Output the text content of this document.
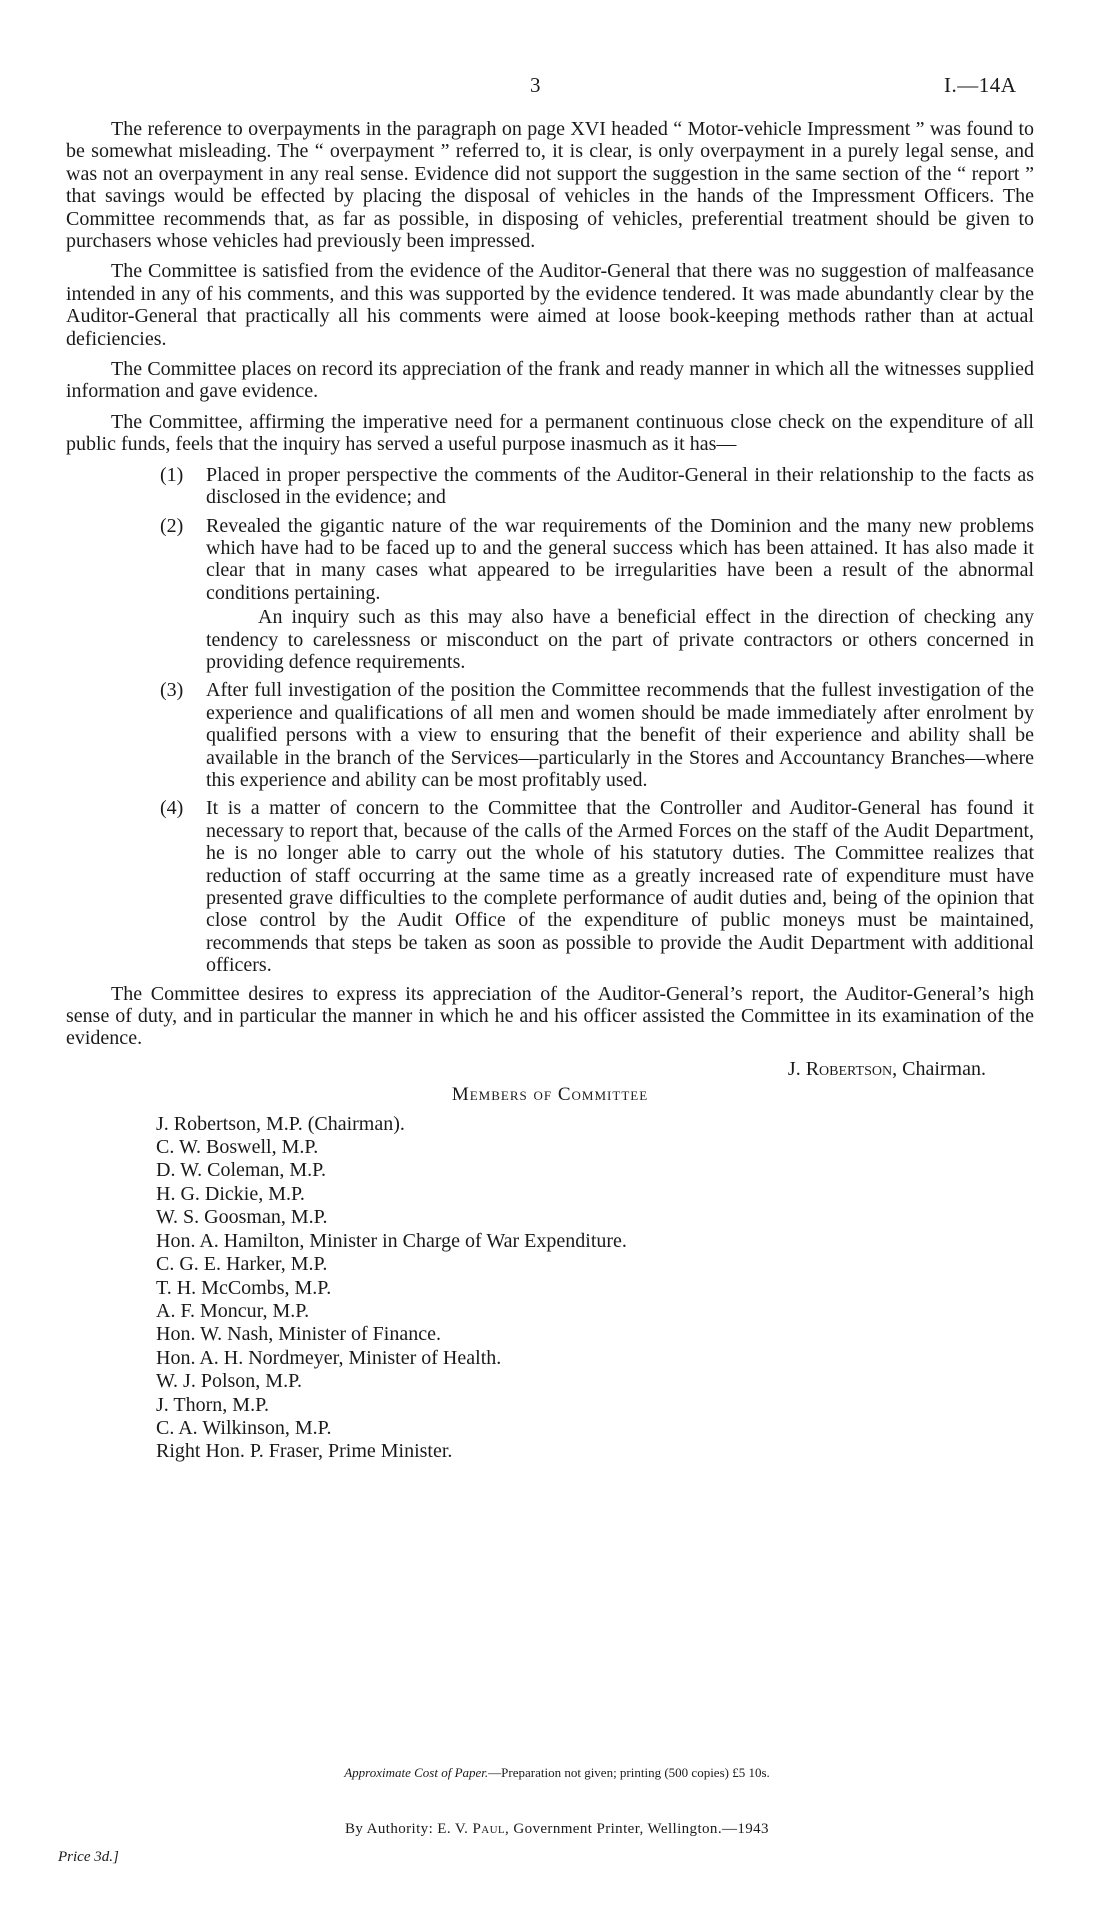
3	I.—14A

The reference to overpayments in the paragraph on page XVI headed “ Motor-vehicle Impressment ” was found to be somewhat misleading. The “ overpayment ” referred to, it is clear, is only overpayment in a purely legal sense, and was not an overpayment in any real sense. Evidence did not support the suggestion in the same section of the “ report ” that savings would be effected by placing the disposal of vehicles in the hands of the Impressment Officers. The Committee recommends that, as far as possible, in disposing of vehicles, preferential treatment should be given to purchasers whose vehicles had previously been impressed.

The Committee is satisfied from the evidence of the Auditor-General that there was no suggestion of malfeasance intended in any of his comments, and this was supported by the evidence tendered. It was made abundantly clear by the Auditor-General that practically all his comments were aimed at loose book-keeping methods rather than at actual deficiencies.

The Committee places on record its appreciation of the frank and ready manner in which all the witnesses supplied information and gave evidence.

The Committee, affirming the imperative need for a permanent continuous close check on the expenditure of all public funds, feels that the inquiry has served a useful purpose inasmuch as it has—

(1)	Placed in proper perspective the comments of the Auditor-General in their relationship to the facts as disclosed in the evidence; and

(2)	Revealed the gigantic nature of the war requirements of the Dominion and the many new problems which have had to be faced up to and the general success which has been attained. It has also made it clear that in many cases what appeared to be irregularities have been a result of the abnormal conditions pertaining.

An inquiry such as this may also have a beneficial effect in the direction of checking any tendency to carelessness or misconduct on the part of private contractors or others concerned in providing defence requirements.

(3)	After full investigation of the position the Committee recommends that the fullest investigation of the experience and qualifications of all men and women should be made immediately after enrolment by qualified persons with a view to ensuring that the benefit of their experience and ability shall be available in the branch of the Services—particularly in the Stores and Accountancy Branches—where this experience and ability can be most profitably used.

(4)	It is a matter of concern to the Committee that the Controller and Auditor-General has found it necessary to report that, because of the calls of the Armed Forces on the staff of the Audit Department, he is no longer able to carry out the whole of his statutory duties. The Committee realizes that reduction of staff occurring at the same time as a greatly increased rate of expenditure must have presented grave difficulties to the complete performance of audit duties and, being of the opinion that close control by the Audit Office of the expenditure of public moneys must be maintained, recommends that steps be taken as soon as possible to provide the Audit Department with additional officers.

The Committee desires to express its appreciation of the Auditor-General’s report, the Auditor-General’s high sense of duty, and in particular the manner in which he and his officer assisted the Committee in its examination of the evidence.

J. Robertson, Chairman.
Members of Committee
J. Robertson, M.P. (Chairman).
C. W. Boswell, M.P.
D. W. Coleman, M.P.
H. G. Dickie, M.P.
W. S. Goosman, M.P.
Hon. A. Hamilton, Minister in Charge of War Expenditure.
C. G. E. Harker, M.P.
T. H. McCombs, M.P.
A. F. Moncur, M.P.
Hon. W. Nash, Minister of Finance.
Hon. A. H. Nordmeyer, Minister of Health.
W. J. Polson, M.P.
J. Thorn, M.P.
C. A. Wilkinson, M.P.
Right Hon. P. Fraser, Prime Minister.
Approximate Cost of Paper.—Preparation not given; printing (500 copies) £5 10s.
By Authority: E. V. Paul, Government Printer, Wellington.—1943
Price 3d.]
